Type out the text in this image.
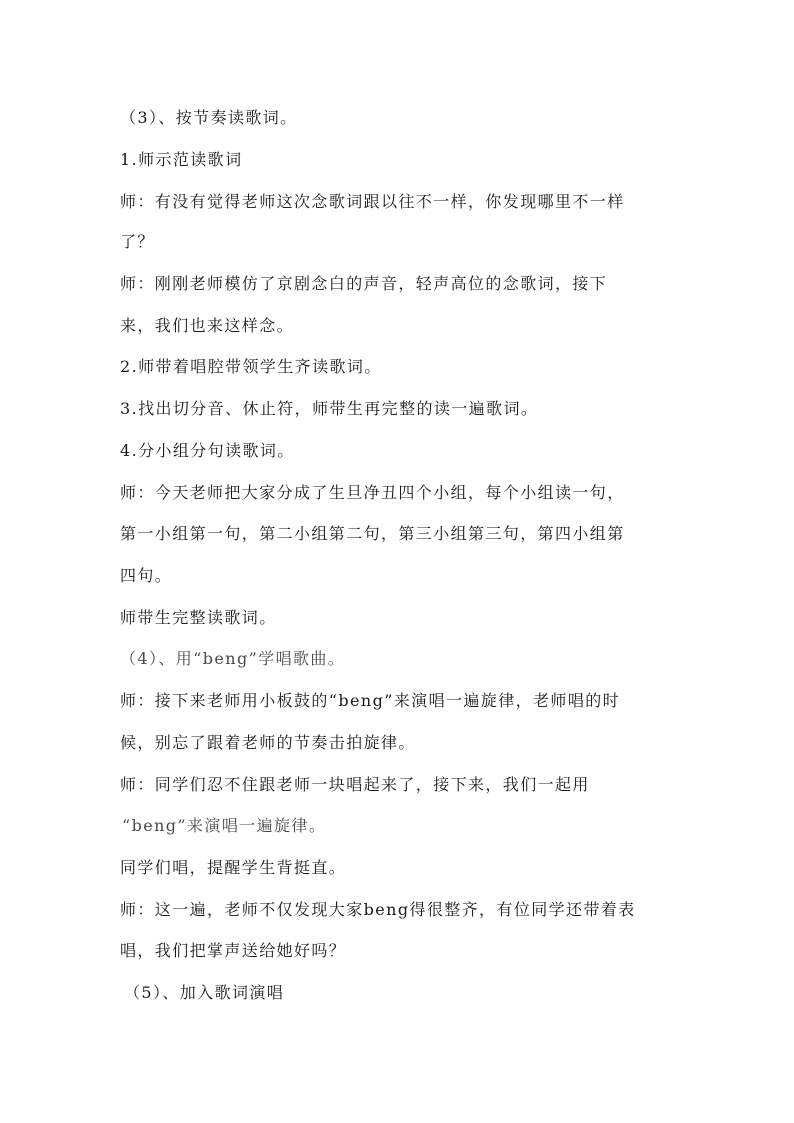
（3）、按节奏读歌词。
1.师示范读歌词
师：有没有觉得老师这次念歌词跟以往不一样，你发现哪里不一样
了？
师：刚刚老师模仿了京剧念白的声音，轻声高位的念歌词，接下
来，我们也来这样念。
2.师带着唱腔带领学生齐读歌词。
3.找出切分音、休止符，师带生再完整的读一遍歌词。
4.分小组分句读歌词。
师：今天老师把大家分成了生旦净丑四个小组，每个小组读一句，
第一小组第一句，第二小组第二句，第三小组第三句，第四小组第
四句。
师带生完整读歌词。
（4）、用“beng”学唱歌曲。
师：接下来老师用小板鼓的“beng”来演唱一遍旋律，老师唱的时
候，别忘了跟着老师的节奏击拍旋律。
师：同学们忍不住跟老师一块唱起来了，接下来，我们一起用
“beng”来演唱一遍旋律。
同学们唱，提醒学生背挺直。
师：这一遍，老师不仅发现大家beng得很整齐，有位同学还带着表
唱，我们把掌声送给她好吗？
（5）、加入歌词演唱
